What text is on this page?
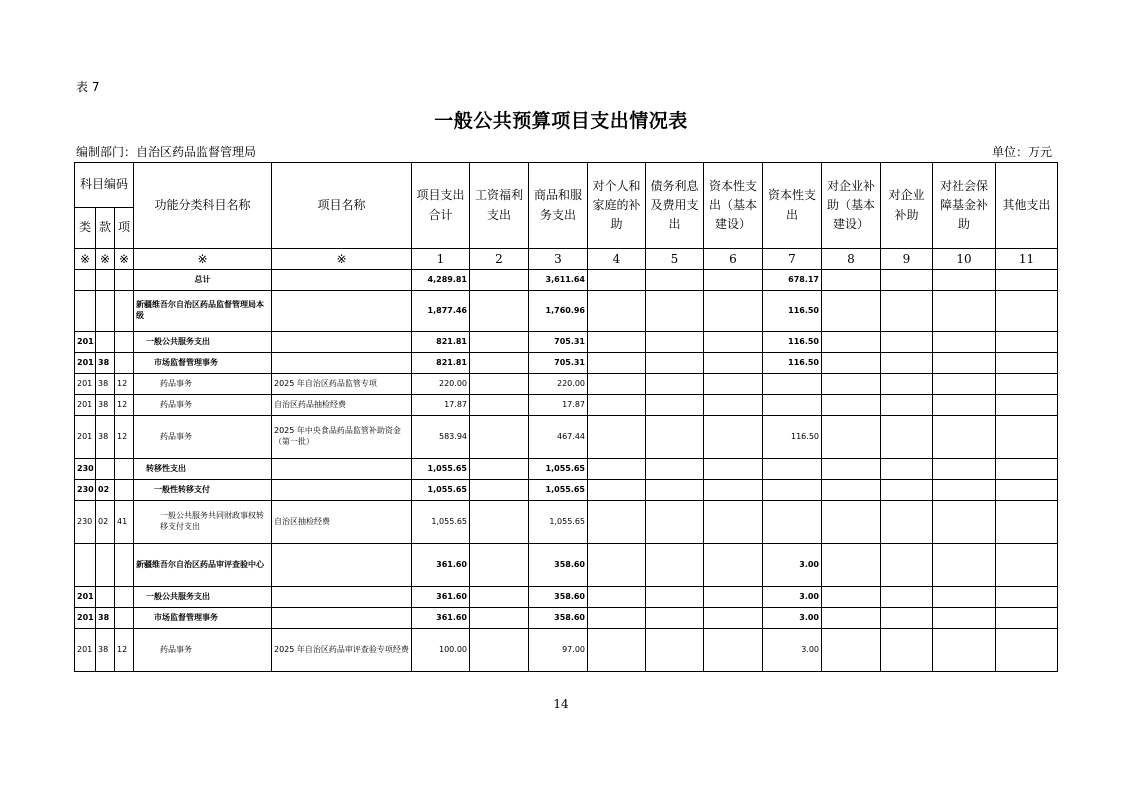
表 7
一般公共预算项目支出情况表
编制部门：自治区药品监督管理局	单位：万元
科目编码			功能分类科目名称	项目名称	项目支出合计	工资福利支出	商品和服务支出	对个人和家庭的补助	债务利息及费用支出	资本性支出（基本建设）	资本性支出	对企业补助（基本建设）	对企业补助	对社会保障基金补助	其他支出
类	款	项													
※	※	※	※	※	1	2	3	4	5	6	7	8	9	10	11
			总计		4,289.81		3,611.64				678.17				
			新疆维吾尔自治区药品监督管理局本级		1,877.46		1,760.96				116.50				
201			一般公共服务支出		821.81		705.31				116.50				
201	38		市场监督管理事务		821.81		705.31				116.50				
201	38	12	药品事务	2025 年自治区药品监管专项	220.00		220.00								
201	38	12	药品事务	自治区药品抽检经费	17.87		17.87								
201	38	12	药品事务	2025 年中央食品药品监管补助资金（第一批）	583.94		467.44				116.50				
230			转移性支出		1,055.65		1,055.65								
230	02		一般性转移支付		1,055.65		1,055.65								
230	02	41	一般公共服务共同财政事权转移支付支出	自治区抽检经费	1,055.65		1,055.65								
			新疆维吾尔自治区药品审评查验中心		361.60		358.60				3.00				
201			一般公共服务支出		361.60		358.60				3.00				
201	38		市场监督管理事务		361.60		358.60				3.00				
201	38	12	药品事务	2025 年自治区药品审评查验专项经费	100.00		97.00				3.00				
14
